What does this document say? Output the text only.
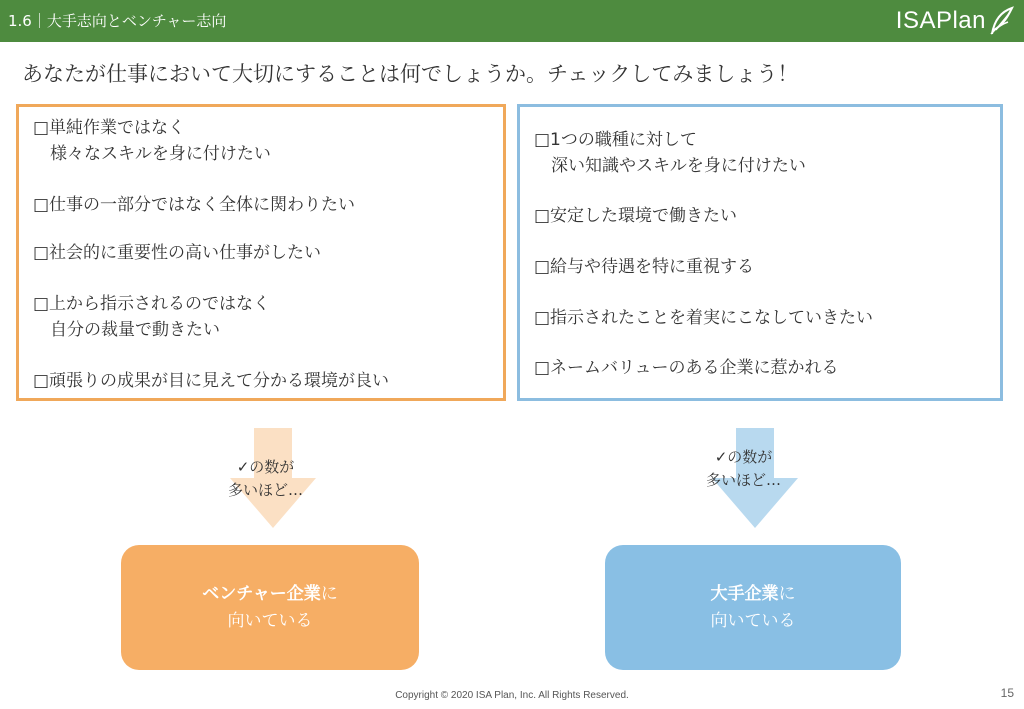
1.6｜大手志向とベンチャー志向	ISAPlan
あなたが仕事において大切にすることは何でしょうか。チェックしてみましょう！
□単純作業ではなく
様々なスキルを身に付けたい
□仕事の一部分ではなく全体に関わりたい
□社会的に重要性の高い仕事がしたい
□上から指示されるのではなく
自分の裁量で動きたい
□頑張りの成果が目に見えて分かる環境が良い
□1つの職種に対して
深い知識やスキルを身に付けたい
□安定した環境で働きたい
□給与や待遇を特に重視する
□指示されたことを着実にこなしていきたい
□ネームバリューのある企業に惹かれる
✓の数が
多いほど…
✓の数が
多いほど…
ベンチャー企業に
向いている
大手企業に
向いている
Copyright © 2020 ISA Plan, Inc. All Rights Reserved.	15
